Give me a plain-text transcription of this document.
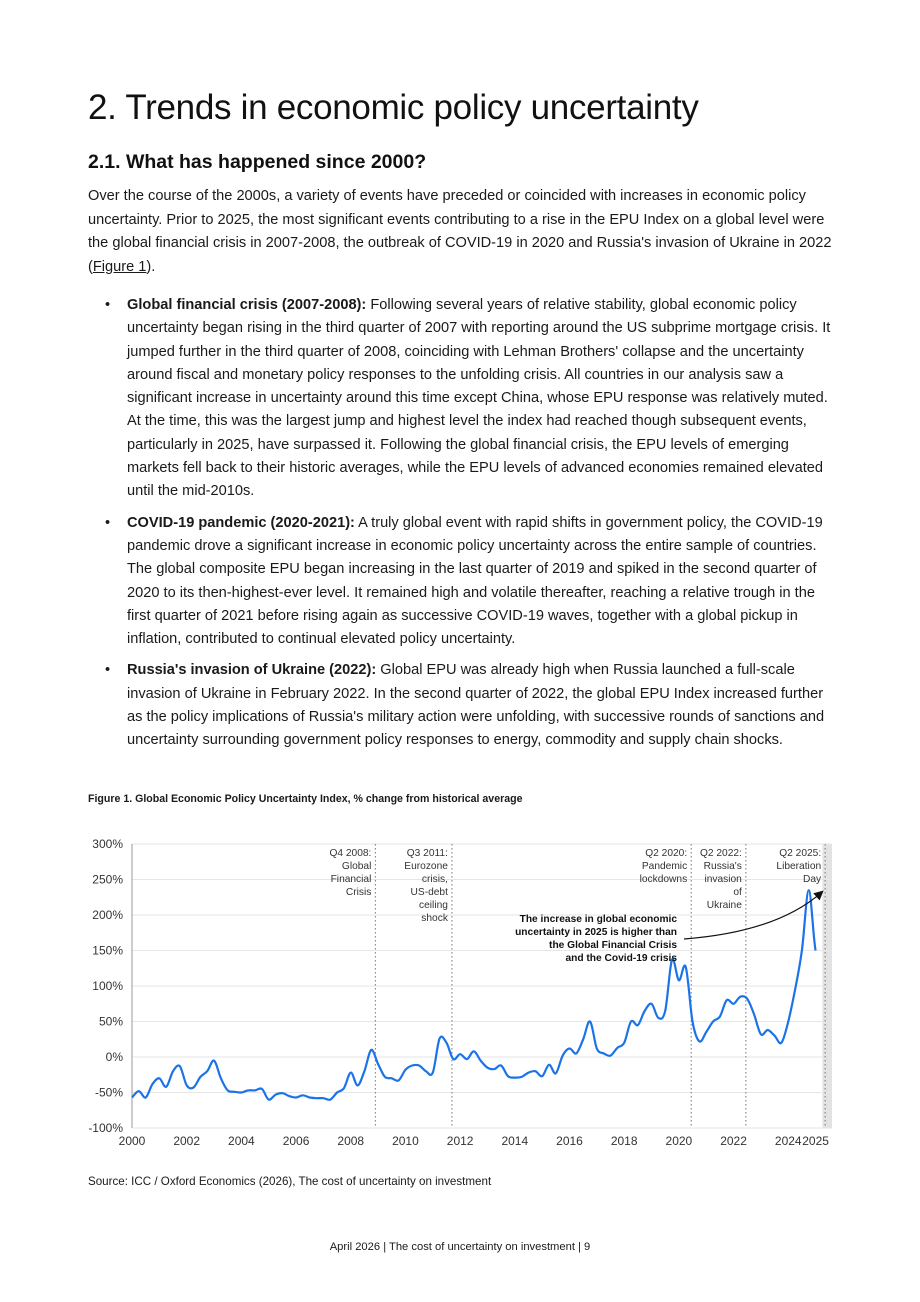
2. Trends in economic policy uncertainty
2.1. What has happened since 2000?

Over the course of the 2000s, a variety of events have preceded or coincided with increases in economic policy uncertainty. Prior to 2025, the most significant events contributing to a rise in the EPU Index on a global level were the global financial crisis in 2007-2008, the outbreak of COVID-19 in 2020 and Russia's invasion of Ukraine in 2022 (Figure 1).

• Global financial crisis (2007-2008): Following several years of relative stability, global economic policy uncertainty began rising in the third quarter of 2007 with reporting around the US subprime mortgage crisis. It jumped further in the third quarter of 2008, coinciding with Lehman Brothers' collapse and the uncertainty around fiscal and monetary policy responses to the unfolding crisis. All countries in our analysis saw a significant increase in uncertainty around this time except China, whose EPU response was relatively muted. At the time, this was the largest jump and highest level the index had reached though subsequent events, particularly in 2025, have surpassed it. Following the global financial crisis, the EPU levels of emerging markets fell back to their historic averages, while the EPU levels of advanced economies remained elevated until the mid-2010s.
• COVID-19 pandemic (2020-2021): A truly global event with rapid shifts in government policy, the COVID-19 pandemic drove a significant increase in economic policy uncertainty across the entire sample of countries. The global composite EPU began increasing in the last quarter of 2019 and spiked in the second quarter of 2020 to its then-highest-ever level. It remained high and volatile thereafter, reaching a relative trough in the first quarter of 2021 before rising again as successive COVID-19 waves, together with a global pickup in inflation, contributed to continual elevated policy uncertainty.
• Russia's invasion of Ukraine (2022): Global EPU was already high when Russia launched a full-scale invasion of Ukraine in February 2022. In the second quarter of 2022, the global EPU Index increased further as the policy implications of Russia's military action were unfolding, with successive rounds of sanctions and uncertainty surrounding government policy responses to energy, commodity and supply chain shocks.

Figure 1. Global Economic Policy Uncertainty Index, % change from historical average

300%
250%
200%
150%
100%
50%
0%
-50%
-100%
2000 2002 2004 2006 2008 2010 2012 2014 2016 2018 2020 2022 2024 2025
Q4 2008:
Global
Financial
Crisis
Q3 2011:
Eurozone
crisis,
US-debt
ceiling
shock
Q2 2020:
Pandemic
lockdowns
Q2 2022:
Russia's
invasion
of
Ukraine
Q2 2025:
Liberation
Day
The increase in global economic
uncertainty in 2025 is higher than
the Global Financial Crisis
and the Covid-19 crisis

Source: ICC / Oxford Economics (2026), The cost of uncertainty on investment

April 2026 | The cost of uncertainty on investment | 9
